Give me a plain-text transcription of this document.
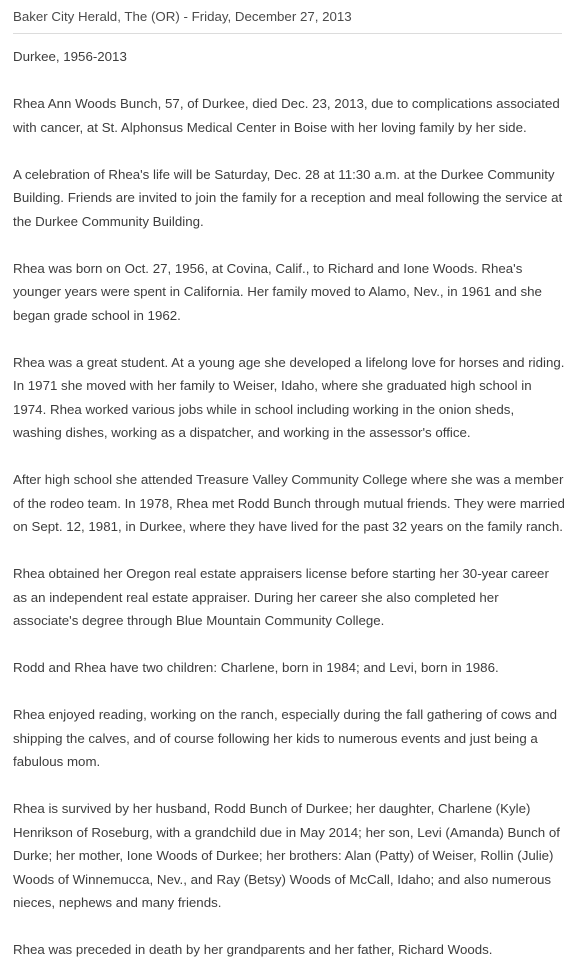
Baker City Herald, The (OR) - Friday, December 27, 2013
Durkee, 1956-2013

Rhea Ann Woods Bunch, 57, of Durkee, died Dec. 23, 2013, due to complications associated with cancer, at St. Alphonsus Medical Center in Boise with her loving family by her side.

A celebration of Rhea's life will be Saturday, Dec. 28 at 11:30 a.m. at the Durkee Community Building. Friends are invited to join the family for a reception and meal following the service at the Durkee Community Building.

Rhea was born on Oct. 27, 1956, at Covina, Calif., to Richard and Ione Woods. Rhea's younger years were spent in California. Her family moved to Alamo, Nev., in 1961 and she began grade school in 1962.

Rhea was a great student. At a young age she developed a lifelong love for horses and riding. In 1971 she moved with her family to Weiser, Idaho, where she graduated high school in 1974. Rhea worked various jobs while in school including working in the onion sheds, washing dishes, working as a dispatcher, and working in the assessor's office.

After high school she attended Treasure Valley Community College where she was a member of the rodeo team. In 1978, Rhea met Rodd Bunch through mutual friends. They were married on Sept. 12, 1981, in Durkee, where they have lived for the past 32 years on the family ranch.

Rhea obtained her Oregon real estate appraisers license before starting her 30-year career as an independent real estate appraiser. During her career she also completed her associate's degree through Blue Mountain Community College.

Rodd and Rhea have two children: Charlene, born in 1984; and Levi, born in 1986.

Rhea enjoyed reading, working on the ranch, especially during the fall gathering of cows and shipping the calves, and of course following her kids to numerous events and just being a fabulous mom.

Rhea is survived by her husband, Rodd Bunch of Durkee; her daughter, Charlene (Kyle) Henrikson of Roseburg, with a grandchild due in May 2014; her son, Levi (Amanda) Bunch of Durke; her mother, Ione Woods of Durkee; her brothers: Alan (Patty) of Weiser, Rollin (Julie) Woods of Winnemucca, Nev., and Ray (Betsy) Woods of McCall, Idaho; and also numerous nieces, nephews and many friends.

Rhea was preceded in death by her grandparents and her father, Richard Woods.
